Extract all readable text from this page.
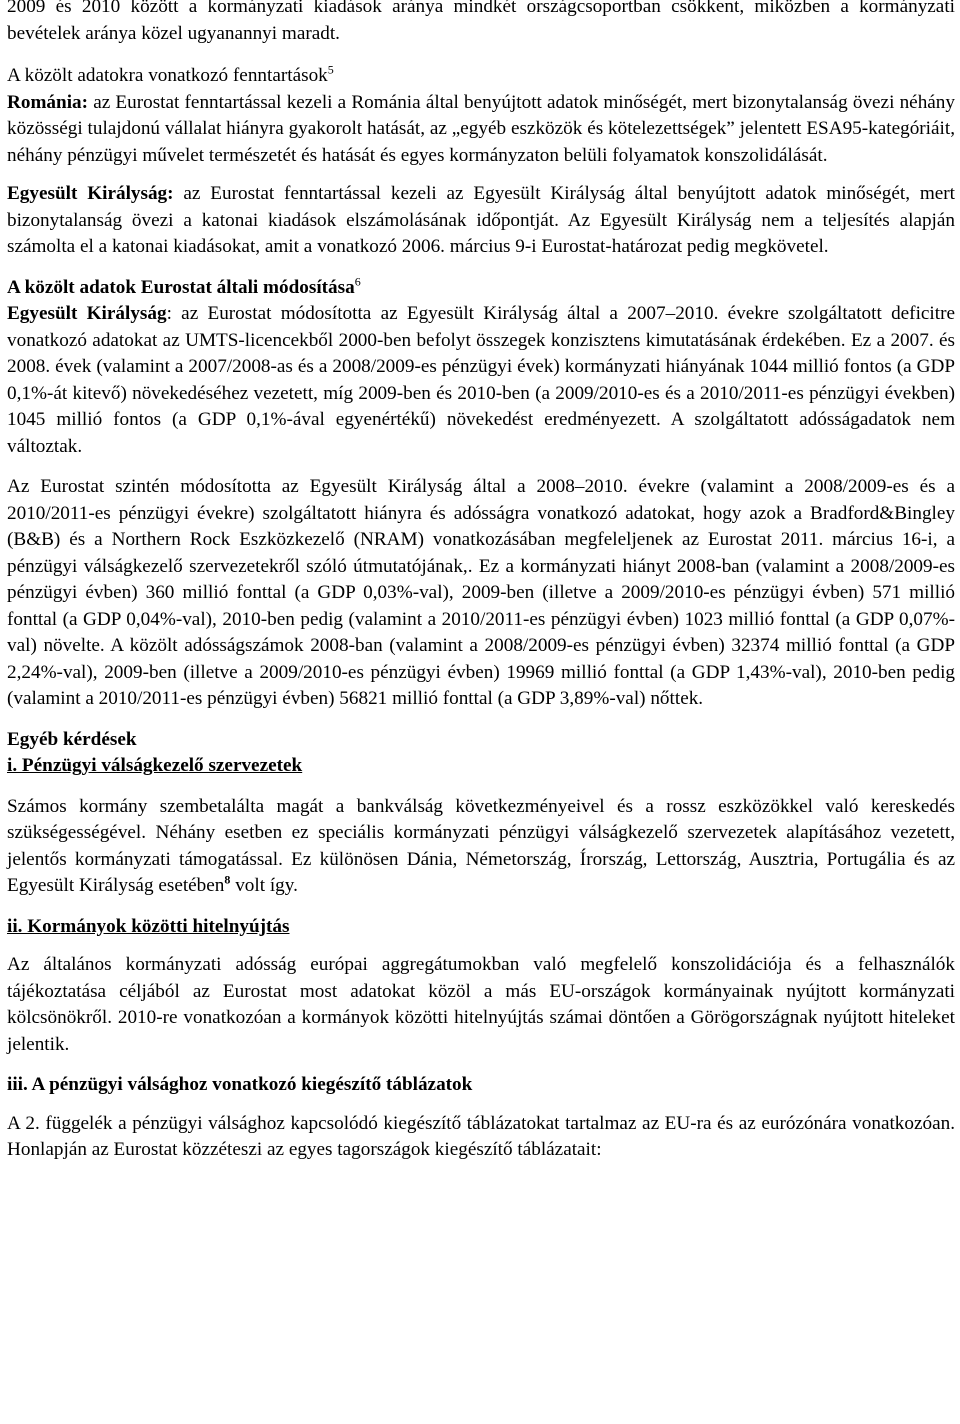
2009 és 2010 között a kormányzati kiadások aránya mindkét országcsoportban csökkent, miközben a kormányzati bevételek aránya közel ugyanannyi maradt.

A közölt adatokra vonatkozó fenntartások$^5$

Románia: az Eurostat fenntartással kezeli a Románia által benyújtott adatok minőségét, mert bizonytalanság övezi néhány közösségi tulajdonú vállalat hiányra gyakorolt hatását, az „egyéb eszközök és kötelezettségek” jelentett ESA95-kategóriáit, néhány pénzügyi művelet természetét és hatását és egyes kormányzaton belüli folyamatok konszolidálását.

Egyesült Királyság: az Eurostat fenntartással kezeli az Egyesült Királyság által benyújtott adatok minőségét, mert bizonytalanság övezi a katonai kiadások elszámolásának időpontját. Az Egyesült Királyság nem a teljesítés alapján számolta el a katonai kiadásokat, amit a vonatkozó 2006. március 9-i Eurostat-határozat pedig megkövetel.

A közölt adatok Eurostat általi módosítása$^6$

Egyesült Királyság: az Eurostat módosította az Egyesült Királyság által a 2007–2010. évekre szolgáltatott deficitre vonatkozó adatokat az UMTS-licencekből 2000-ben befolyt összegek konzisztens kimutatásának érdekében. Ez a 2007. és 2008. évek (valamint a 2007/2008-as és a 2008/2009-es pénzügyi évek) kormányzati hiányának 1044 millió fontos (a GDP 0,1%-át kitevő) növekedéséhez vezetett, míg 2009-ben és 2010-ben (a 2009/2010-es és a 2010/2011-es pénzügyi években) 1045 millió fontos (a GDP 0,1%-ával egyenértékű) növekedést eredményezett. A szolgáltatott adósságadatok nem változtak.

Az Eurostat szintén módosította az Egyesült Királyság által a 2008–2010. évekre (valamint a 2008/2009-es és a 2010/2011-es pénzügyi évekre) szolgáltatott hiányra és adósságra vonatkozó adatokat, hogy azok a Bradford&Bingley (B&B) és a Northern Rock Eszközkezelő (NRAM) vonatkozásában megfeleljenek az Eurostat 2011. március 16-i, a pénzügyi válságkezelő szervezetekről szóló útmutatójának,. Ez a kormányzati hiányt 2008-ban (valamint a 2008/2009-es pénzügyi évben) 360 millió fonttal (a GDP 0,03%-val), 2009-ben (illetve a 2009/2010-es pénzügyi évben) 571 millió fonttal (a GDP 0,04%-val), 2010-ben pedig (valamint a 2010/2011-es pénzügyi évben) 1023 millió fonttal (a GDP 0,07%-val) növelte. A közölt adósságszámok 2008-ban (valamint a 2008/2009-es pénzügyi évben) 32374 millió fonttal (a GDP 2,24%-val), 2009-ben (illetve a 2009/2010-es pénzügyi évben) 19969 millió fonttal (a GDP 1,43%-val), 2010-ben pedig (valamint a 2010/2011-es pénzügyi évben) 56821 millió fonttal (a GDP 3,89%-val) nőttek.

Egyéb kérdések

i. Pénzügyi válságkezelő szervezetek

Számos kormány szembetalálta magát a bankválság következményeivel és a rossz eszközökkel való kereskedés szükségességével. Néhány esetben ez speciális kormányzati pénzügyi válságkezelő szervezetek alapításához vezetett, jelentős kormányzati támogatással. Ez különösen Dánia, Németország, Írország, Lettország, Ausztria, Portugália és az Egyesült Királyság esetében$^8$ volt így.

ii. Kormányok közötti hitelnyújtás

Az általános kormányzati adósság európai aggregátumokban való megfelelő konszolidációja és a felhasználók tájékoztatása céljából az Eurostat most adatokat közöl a más EU-országok kormányainak nyújtott kormányzati kölcsönökről. 2010-re vonatkozóan a kormányok közötti hitelnyújtás számai döntően a Görögországnak nyújtott hiteleket jelentik.

iii. A pénzügyi válsághoz vonatkozó kiegészítő táblázatok

A 2. függelék a pénzügyi válsághoz kapcsolódó kiegészítő táblázatokat tartalmaz az EU-ra és az eurózónára vonatkozóan. Honlapján az Eurostat közzéteszi az egyes tagországok kiegészítő táblázatait:
